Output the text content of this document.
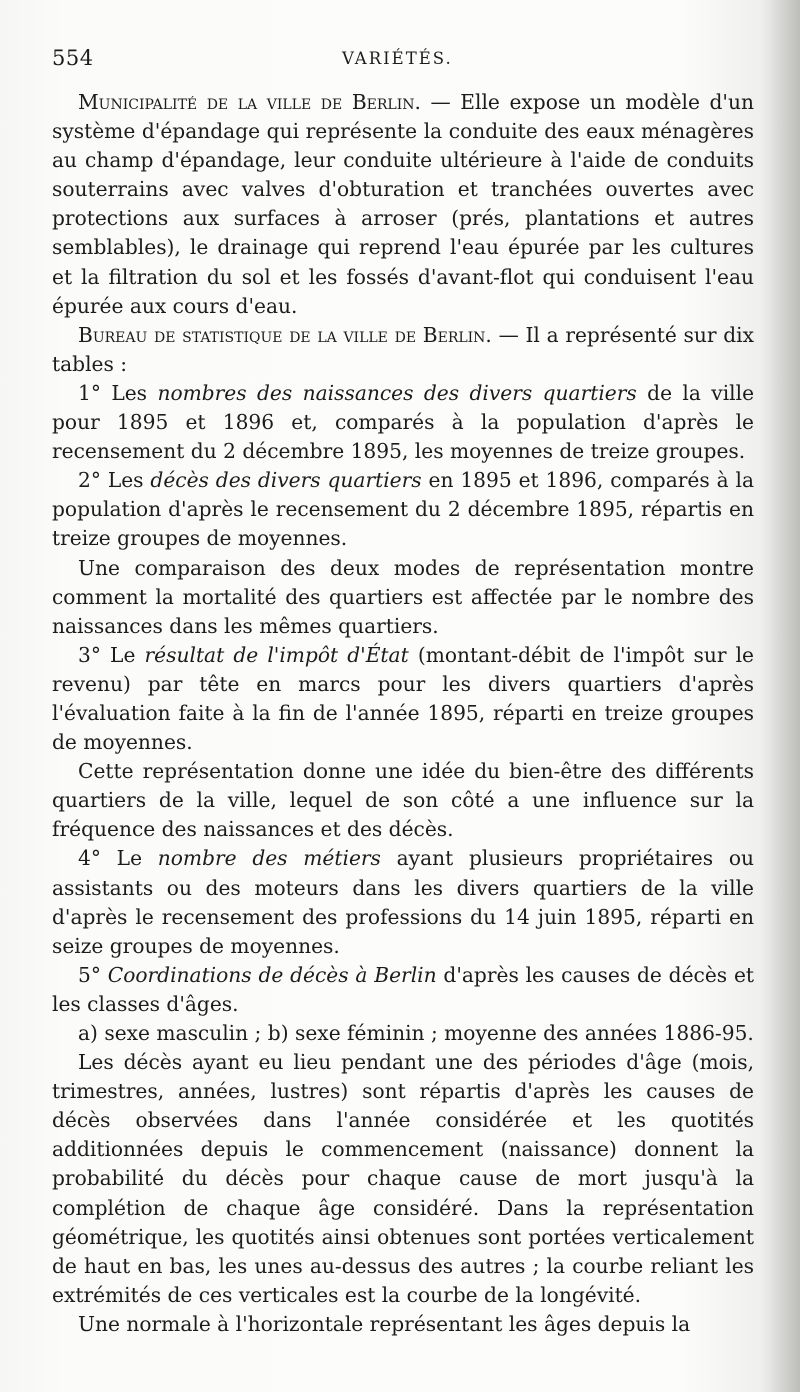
554	VARIÉTÉS.

Municipalité de la ville de Berlin. — Elle expose un modèle d'un système d'épandage qui représente la conduite des eaux ménagères au champ d'épandage, leur conduite ultérieure à l'aide de conduits souterrains avec valves d'obturation et tranchées ouvertes avec protections aux surfaces à arroser (prés, plantations et autres semblables), le drainage qui reprend l'eau épurée par les cultures et la filtration du sol et les fossés d'avant-flot qui conduisent l'eau épurée aux cours d'eau.

Bureau de statistique de la ville de Berlin. — Il a représenté sur dix tables :

1° Les nombres des naissances des divers quartiers de la ville pour 1895 et 1896 et, comparés à la population d'après le recensement du 2 décembre 1895, les moyennes de treize groupes.

2° Les décès des divers quartiers en 1895 et 1896, comparés à la population d'après le recensement du 2 décembre 1895, répartis en treize groupes de moyennes.

Une comparaison des deux modes de représentation montre comment la mortalité des quartiers est affectée par le nombre des naissances dans les mêmes quartiers.

3° Le résultat de l'impôt d'État (montant-débit de l'impôt sur le revenu) par tête en marcs pour les divers quartiers d'après l'évaluation faite à la fin de l'année 1895, réparti en treize groupes de moyennes.

Cette représentation donne une idée du bien-être des différents quartiers de la ville, lequel de son côté a une influence sur la fréquence des naissances et des décès.

4° Le nombre des métiers ayant plusieurs propriétaires ou assistants ou des moteurs dans les divers quartiers de la ville d'après le recensement des professions du 14 juin 1895, réparti en seize groupes de moyennes.

5° Coordinations de décès à Berlin d'après les causes de décès et les classes d'âges.

a) sexe masculin ; b) sexe féminin ; moyenne des années 1886-95.

Les décès ayant eu lieu pendant une des périodes d'âge (mois, trimestres, années, lustres) sont répartis d'après les causes de décès observées dans l'année considérée et les quotités additionnées depuis le commencement (naissance) donnent la probabilité du décès pour chaque cause de mort jusqu'à la complétion de chaque âge considéré. Dans la représentation géométrique, les quotités ainsi obtenues sont portées verticalement de haut en bas, les unes au-dessus des autres ; la courbe reliant les extrémités de ces verticales est la courbe de la longévité.

Une normale à l'horizontale représentant les âges depuis la
